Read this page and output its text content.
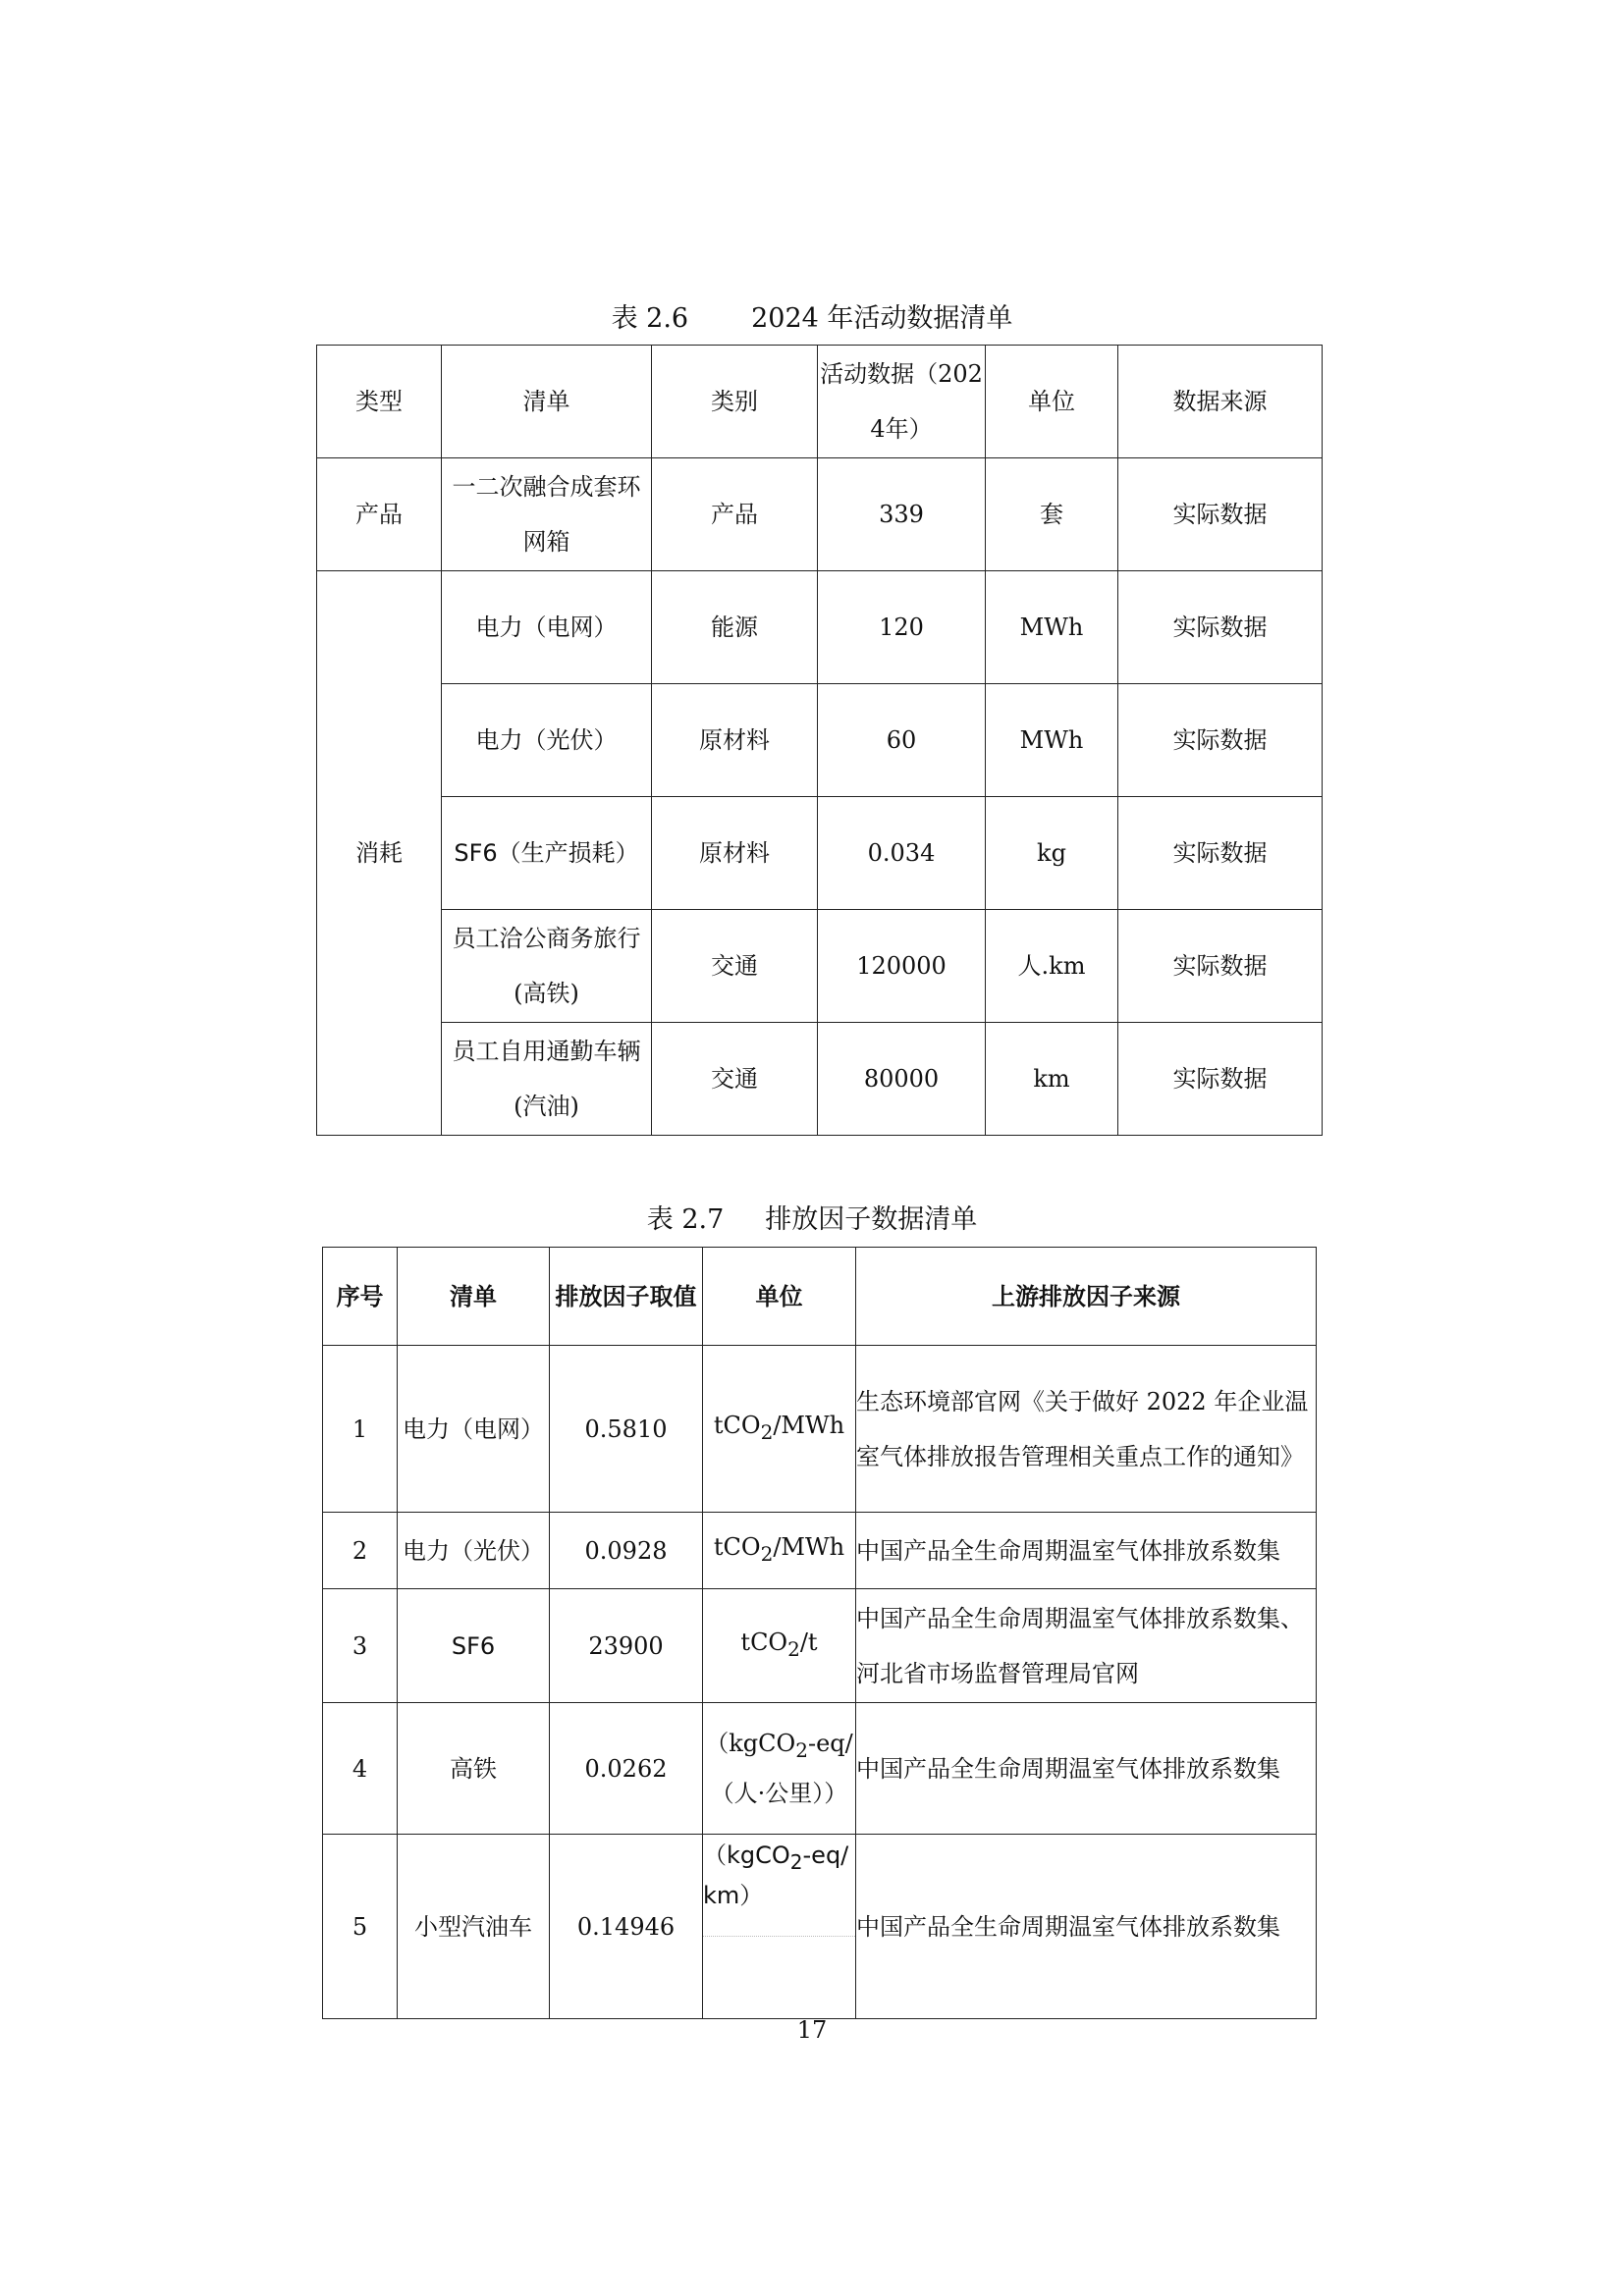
表 2.6 2024 年活动数据清单
类型	清单	类别	活动数据（2024年）	单位	数据来源
产品	一二次融合成套环网箱	产品	339	套	实际数据
消耗	电力（电网）	能源	120	MWh	实际数据
	电力（光伏）	原材料	60	MWh	实际数据
	SF6（生产损耗）	原材料	0.034	kg	实际数据
	员工洽公商务旅行(高铁)	交通	120000	人.km	实际数据
	员工自用通勤车辆(汽油)	交通	80000	km	实际数据
表 2.7 排放因子数据清单
序号	清单	排放因子取值	单位	上游排放因子来源
1	电力（电网）	0.5810	tCO$_2$/MWh	生态环境部官网《关于做好 2022 年企业温室气体排放报告管理相关重点工作的通知》
2	电力（光伏）	0.0928	tCO$_2$/MWh	中国产品全生命周期温室气体排放系数集
3	SF6	23900	tCO$_2$/t	中国产品全生命周期温室气体排放系数集、河北省市场监督管理局官网
4	高铁	0.0262	（kgCO$_2$-eq/（人·公里））	中国产品全生命周期温室气体排放系数集
5	小型汽油车	0.14946	（kgCO$_2$-eq/km）	中国产品全生命周期温室气体排放系数集
17
